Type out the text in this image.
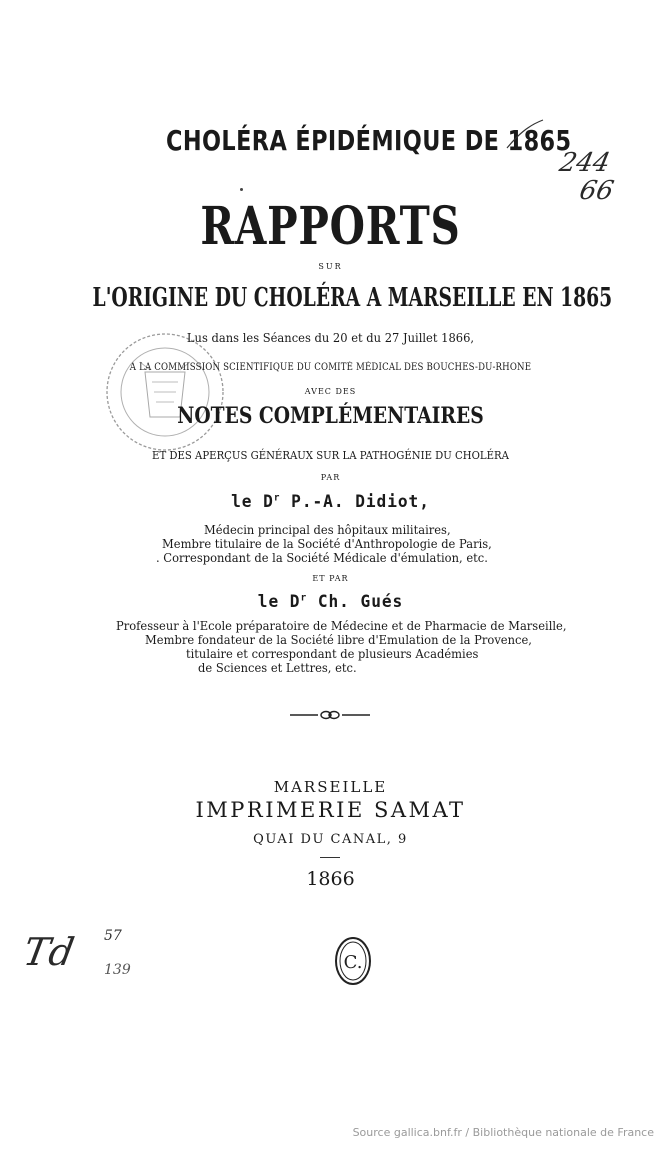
CHOLÉRA ÉPIDÉMIQUE DE 1865
244
66
RAPPORTS
SUR
L'ORIGINE DU CHOLÉRA A MARSEILLE EN 1865
Lus dans les Séances du 20 et du 27 Juillet 1866,
A LA COMMISSION SCIENTIFIQUE DU COMITÉ MÉDICAL DES BOUCHES-DU-RHONE
AVEC DES
NOTES COMPLÉMENTAIRES
ET DES APERÇUS GÉNÉRAUX SUR LA PATHOGÉNIE DU CHOLÉRA
PAR
le $D^r$ P.-A. Didiot,
Médecin principal des hôpitaux militaires,
Membre titulaire de la Société d'Anthropologie de Paris,
. Correspondant de la Société Médicale d'émulation, etc.
ET PAR
le $D^r$ Ch. Gués
Professeur à l'Ecole préparatoire de Médecine et de Pharmacie de Marseille,
Membre fondateur de la Société libre d'Emulation de la Provence,
titulaire et correspondant de plusieurs Académies
de Sciences et Lettres, etc.
MARSEILLE
IMPRIMERIE SAMAT
QUAI DU CANAL, 9
1866
Td 57
139	C.
Source gallica.bnf.fr / Bibliothèque nationale de France
